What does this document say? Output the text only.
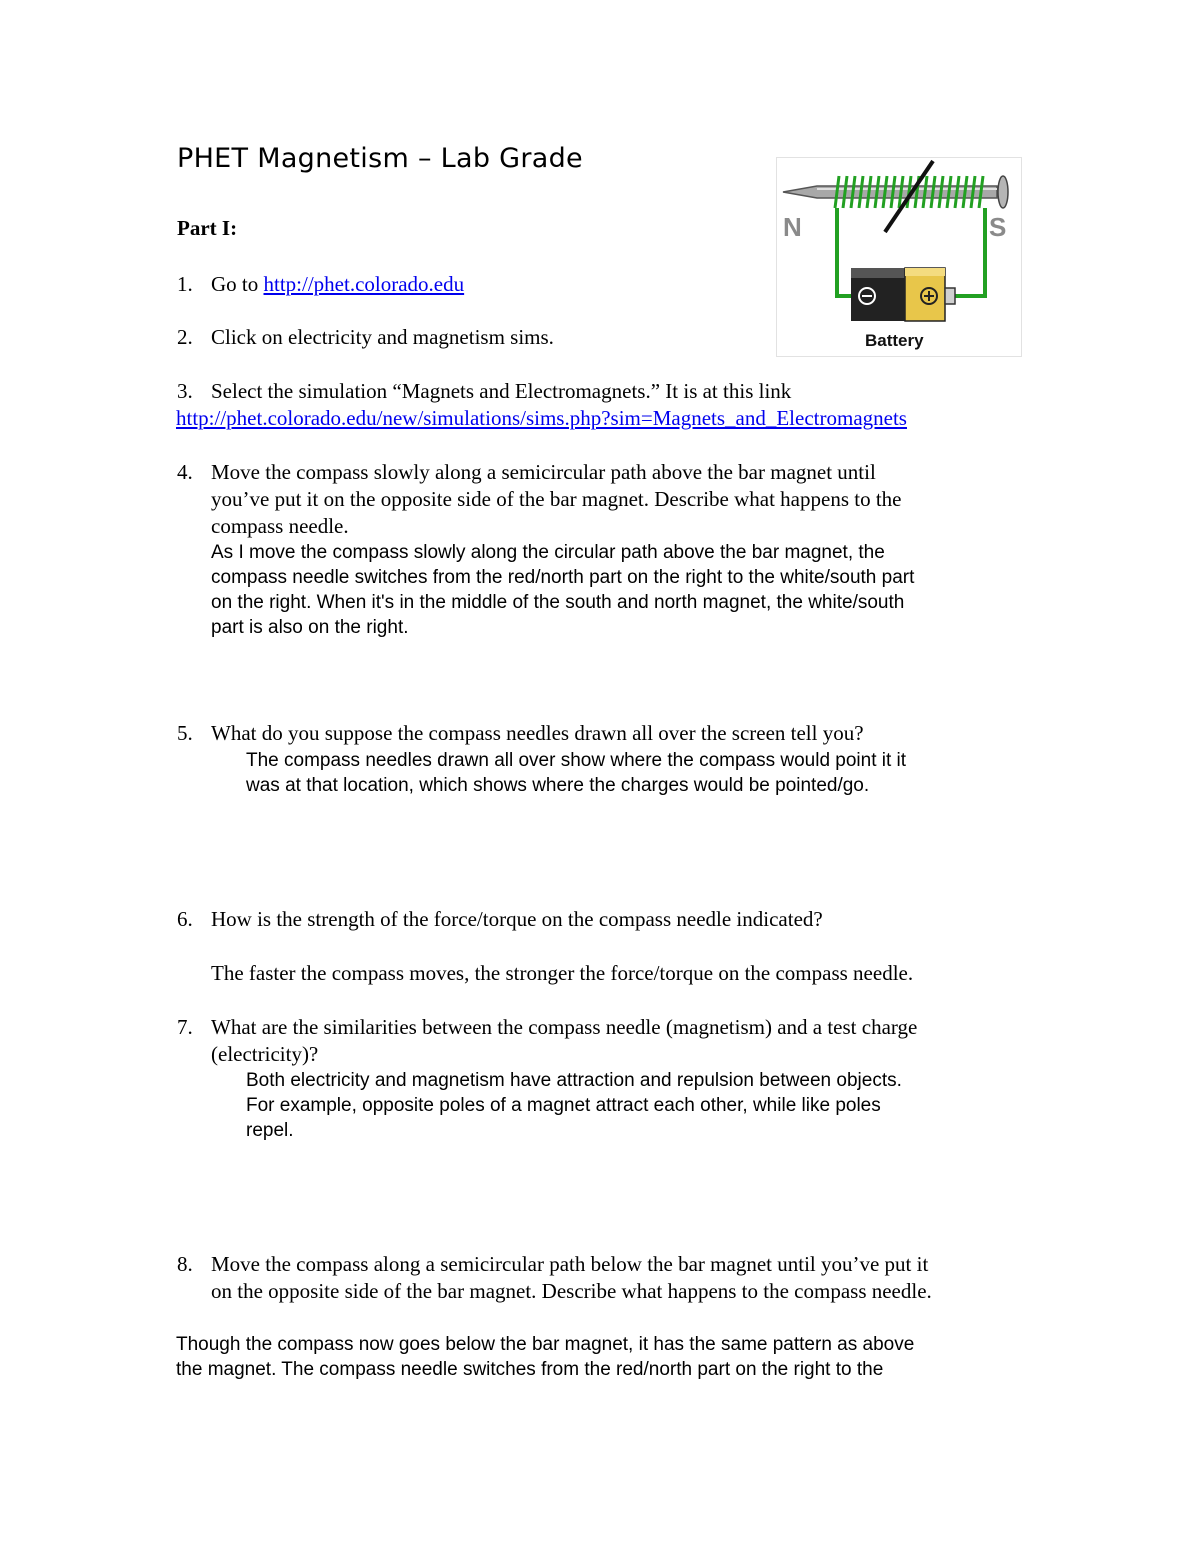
PHET Magnetism – Lab Grade
Part I:
1. Go to http://phet.colorado.edu
2. Click on electricity and magnetism sims.
3. Select the simulation “Magnets and Electromagnets.” It is at this link
http://phet.colorado.edu/new/simulations/sims.php?sim=Magnets_and_Electromagnets
4. Move the compass slowly along a semicircular path above the bar magnet until
you’ve put it on the opposite side of the bar magnet. Describe what happens to the
compass needle.
As I move the compass slowly along the circular path above the bar magnet, the
compass needle switches from the red/north part on the right to the white/south part
on the right. When it's in the middle of the south and north magnet, the white/south
part is also on the right.
5. What do you suppose the compass needles drawn all over the screen tell you?
The compass needles drawn all over show where the compass would point it it
was at that location, which shows where the charges would be pointed/go.
6. How is the strength of the force/torque on the compass needle indicated?
The faster the compass moves, the stronger the force/torque on the compass needle.
7. What are the similarities between the compass needle (magnetism) and a test charge
(electricity)?
Both electricity and magnetism have attraction and repulsion between objects.
For example, opposite poles of a magnet attract each other, while like poles
repel.
8. Move the compass along a semicircular path below the bar magnet until you’ve put it
on the opposite side of the bar magnet. Describe what happens to the compass needle.
Though the compass now goes below the bar magnet, it has the same pattern as above
the magnet. The compass needle switches from the red/north part on the right to the
N	S
Battery
